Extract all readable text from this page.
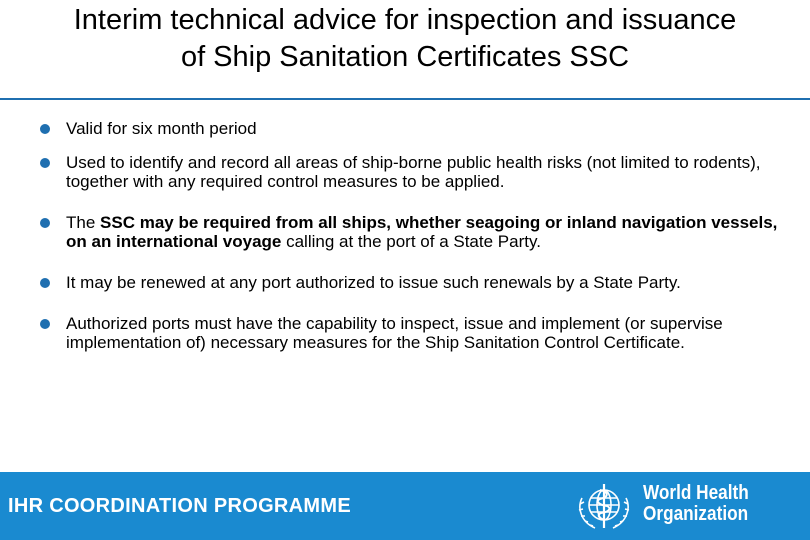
Interim technical advice for inspection and issuance
of Ship Sanitation Certificates SSC
Valid for six month period
Used to identify and record all areas of ship-borne public health risks (not limited to rodents), together with any required control measures to be applied.
The SSC may be required from all ships, whether seagoing or inland navigation vessels, on an international voyage calling at the port of a State Party.
It may be renewed at any port authorized to issue such renewals by a State Party.
Authorized ports must have the capability to inspect, issue and implement (or supervise implementation of) necessary measures for the Ship Sanitation Control Certificate.
IHR COORDINATION PROGRAMME
World Health
Organization
